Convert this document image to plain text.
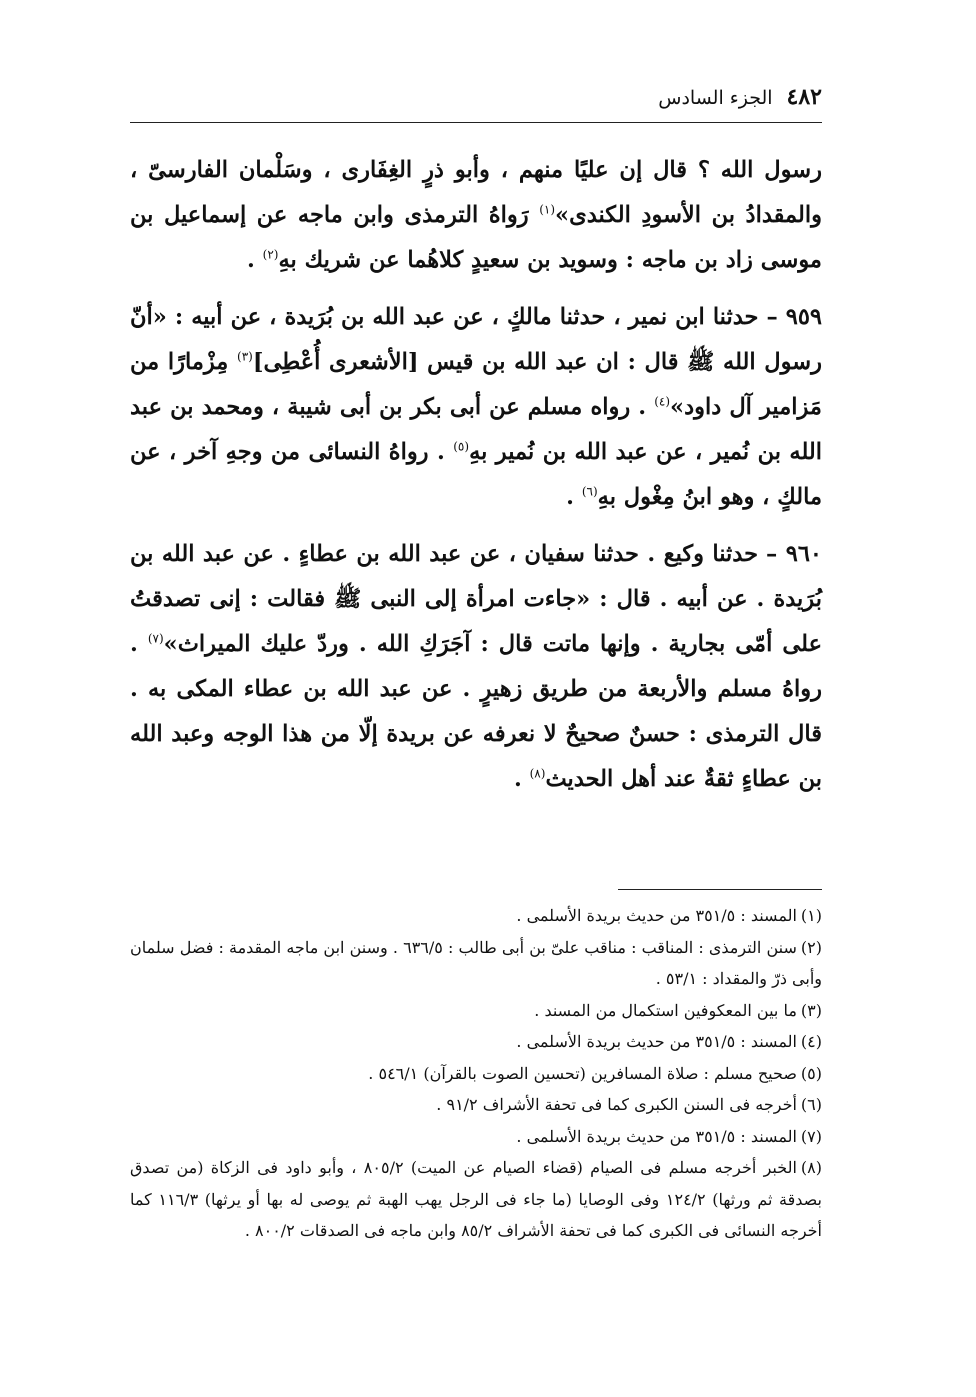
٤٨٢
الجزء السادس

رسول الله ؟ قال إن عليًا منهم ، وأبو ذرٍ الغِفَارى ، وسَلْمان الفارسىّ ، والمقدادُ بن الأسودِ الكندى»$^{(١)}$ رَواهُ الترمذى وابن ماجه عن إسماعيل بن موسى زاد بن ماجه : وسويد بن سعيدٍ كلاهُما عن شريك بهِ$^{(٢)}$ .

٩٥٩ –حدثنا ابن نمير ، حدثنا مالكٍ ، عن عبد الله بن بُرَيدة ، عن أبيه : «أنّ رسول الله ﷺ قال : ان عبد الله بن قيس [الأشعرى أُعْطِى]$^{(٣)}$ مِزْمارًا من مَزامير آل داود»$^{(٤)}$ . رواه مسلم عن أبى بكر بن أبى شيبة ، ومحمد بن عبد الله بن نُمير ، عن عبد الله بن نُمير بهِ$^{(٥)}$ . رواهُ النسائى من وجهِ آخر ، عن مالكٍ ، وهو ابنُ مِغْول بهِ$^{(٦)}$ .

٩٦٠ –حدثنا وكيع . حدثنا سفيان ، عن عبد الله بن عطاءٍ . عن عبد الله بن بُرَيدة . عن أبيه . قال : «جاءت امرأة إلى النبى ﷺ فقالت : إنى تصدقتُ على أمّى بجارية . وإنها ماتت قال : آجَرَكِ الله . وردّ عليك الميراث»$^{(٧)}$ . رواهُ مسلم والأربعة من طريق زهيرٍ . عن عبد الله بن عطاء المكى به . قال الترمذى : حسنٌ صحيحٌ لا نعرفه عن بريدة إلّا من هذا الوجه وعبد الله بن عطاءٍ ثقةٌ عند أهل الحديث$^{(٨)}$ .

(١)المسند : ٣٥١/٥ من حديث بريدة الأسلمى .

(٢)سنن الترمذى : المناقب : مناقب علىّ بن أبى طالب : ٦٣٦/٥ . وسنن ابن ماجه المقدمة : فضل سلمان وأبى ذرّ والمقداد : ٥٣/١ .

(٣)ما بين المعكوفين استكمال من المسند .

(٤)المسند : ٣٥١/٥ من حديث بريدة الأسلمى .

(٥)صحيح مسلم : صلاة المسافرين (تحسين الصوت بالقرآن) ٥٤٦/١ .

(٦)أخرجه فى السنن الكبرى كما فى تحفة الأشراف ٩١/٢ .

(٧)المسند : ٣٥١/٥ من حديث بريدة الأسلمى .

(٨)الخبر أخرجه مسلم فى الصيام (قضاء الصيام عن الميت) ٨٠٥/٢ ، وأبو داود فى الزكاة (من تصدق بصدقة ثم ورثها) ١٢٤/٢ وفى الوصايا (ما جاء فى الرجل يهب الهبة ثم يوصى له بها أو يرثها) ١١٦/٣ كما أخرجه النسائى فى الكبرى كما فى تحفة الأشراف ٨٥/٢ وابن ماجه فى الصدقات ٨٠٠/٢ .
